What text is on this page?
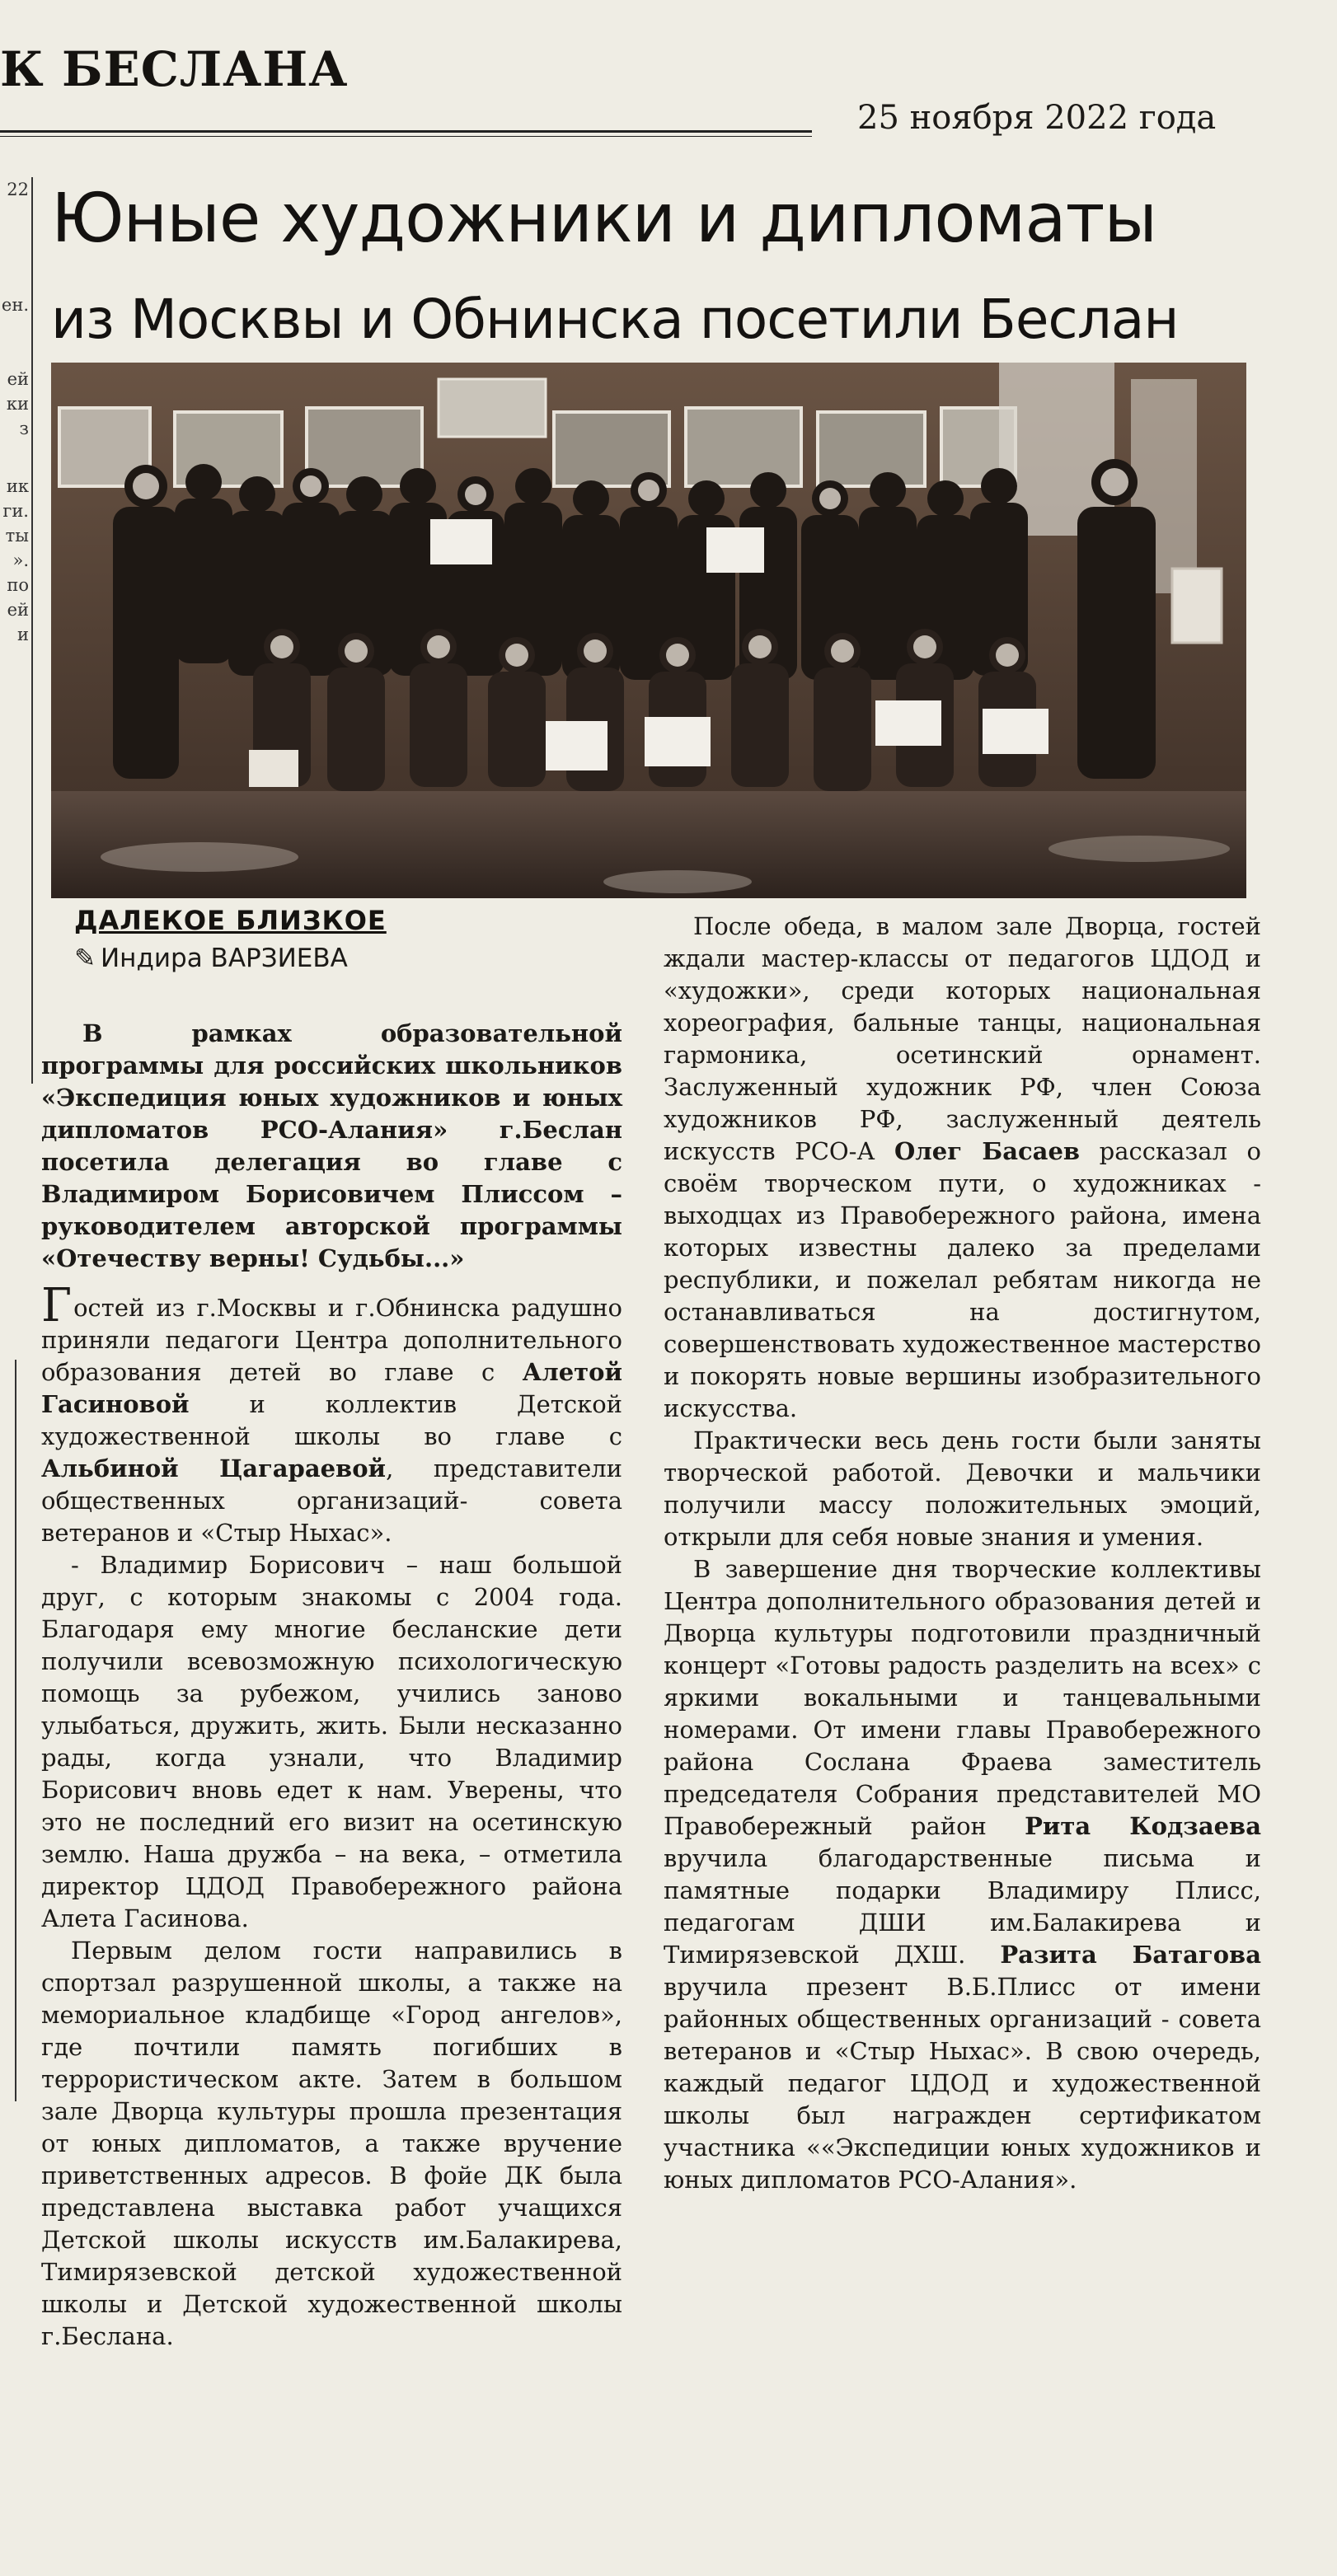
К БЕСЛАНА
25 ноября 2022 года
22
ен.
ей
ки
з
ик
ги.
ты
».
по
ей
и
Юные художники и дипломаты
из Москвы и Обнинска посетили Беслан
ДАЛЕКОЕ БЛИЗКОЕ
✎ Индира ВАРЗИЕВА

В рамках образовательной программы для российских школьников «Экспедиция юных художников и юных дипломатов РСО-Алания» г.Беслан посетила делегация во главе с Владимиром Борисовичем Плиссом – руководителем авторской программы «Отечеству верны! Судьбы...»

Гостей из г.Москвы и г.Обнинска радушно приняли педагоги Центра дополнительного образования детей во главе с Алетой Гасиновой и коллектив Детской художественной школы во главе с Альбиной Цагараевой, представители общественных организаций- совета ветеранов и «Стыр Ныхас».

- Владимир Борисович – наш большой друг, с которым знакомы с 2004 года. Благодаря ему многие бесланские дети получили всевозможную психологическую помощь за рубежом, учились заново улыбаться, дружить, жить. Были несказанно рады, когда узнали, что Владимир Борисович вновь едет к нам. Уверены, что это не последний его визит на осетинскую землю. Наша дружба – на века, – отметила директор ЦДОД Правобережного района Алета Гасинова.

Первым делом гости направились в спортзал разрушенной школы, а также на мемориальное кладбище «Город ангелов», где почтили память погибших в террористическом акте. Затем в большом зале Дворца культуры прошла презентация от юных дипломатов, а также вручение приветственных адресов. В фойе ДК была представлена выставка работ учащихся Детской школы искусств им.Балакирева, Тимирязевской детской художественной школы и Детской художественной школы г.Беслана.

После обеда, в малом зале Дворца, гостей ждали мастер-классы от педагогов ЦДОД и «художки», среди которых национальная хореография, бальные танцы, национальная гармоника, осетинский орнамент. Заслуженный художник РФ, член Союза художников РФ, заслуженный деятель искусств РСО-А Олег Басаев рассказал о своём творческом пути, о художниках - выходцах из Правобережного района, имена которых известны далеко за пределами республики, и пожелал ребятам никогда не останавливаться на достигнутом, совершенствовать художественное мастерство и покорять новые вершины изобразительного искусства.

Практически весь день гости были заняты творческой работой. Девочки и мальчики получили массу положительных эмоций, открыли для себя новые знания и умения.

В завершение дня творческие коллективы Центра дополнительного образования детей и Дворца культуры подготовили праздничный концерт «Готовы радость разделить на всех» с яркими вокальными и танцевальными номерами. От имени главы Правобережного района Сослана Фраева заместитель председателя Собрания представителей МО Правобережный район Рита Кодзаева вручила благодарственные письма и памятные подарки Владимиру Плисс, педагогам ДШИ им.Балакирева и Тимирязевской ДХШ. Разита Батагова вручила презент В.Б.Плисс от имени районных общественных организаций - совета ветеранов и «Стыр Ныхас». В свою очередь, каждый педагог ЦДОД и художественной школы был награжден сертификатом участника ««Экспедиции юных художников и юных дипломатов РСО-Алания».
